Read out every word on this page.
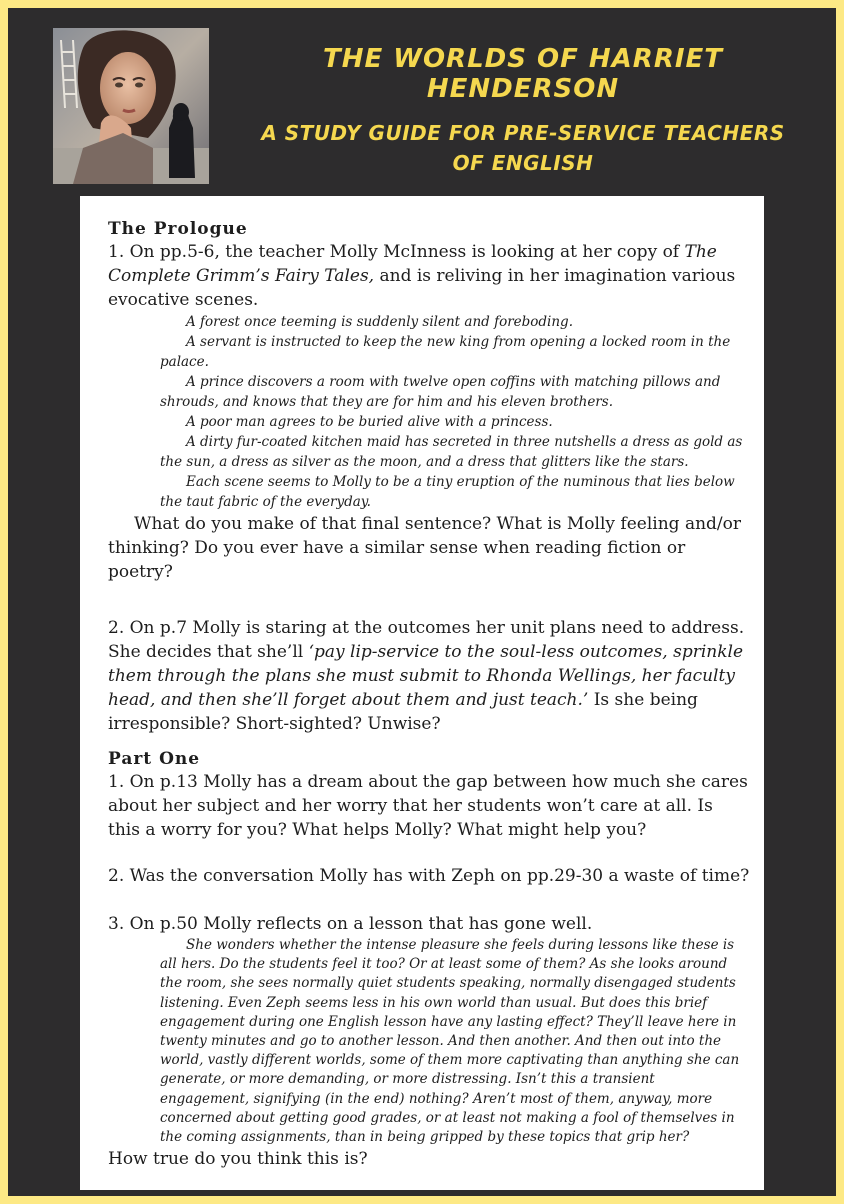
THE WORLDS OF HARRIET HENDERSON
A STUDY GUIDE FOR PRE-SERVICE TEACHERS OF ENGLISH

The Prologue

1. On pp.5-6, the teacher Molly McInness is looking at her copy of The Complete Grimm’s Fairy Tales, and is reliving in her imagination various evocative scenes.

A forest once teeming is suddenly silent and foreboding.
A servant is instructed to keep the new king from opening a locked room in the palace.
A prince discovers a room with twelve open coffins with matching pillows and shrouds, and knows that they are for him and his eleven brothers.
A poor man agrees to be buried alive with a princess.
A dirty fur-coated kitchen maid has secreted in three nutshells a dress as gold as the sun, a dress as silver as the moon, and a dress that glitters like the stars.
Each scene seems to Molly to be a tiny eruption of the numinous that lies below the taut fabric of the everyday.

What do you make of that final sentence? What is Molly feeling and/or thinking? Do you ever have a similar sense when reading fiction or poetry?

2. On p.7 Molly is staring at the outcomes her unit plans need to address. She decides that she’ll ‘pay lip-service to the soul-less outcomes, sprinkle them through the plans she must submit to Rhonda Wellings, her faculty head, and then she’ll forget about them and just teach.’ Is she being irresponsible? Short-sighted? Unwise?

Part One

1. On p.13 Molly has a dream about the gap between how much she cares about her subject and her worry that her students won’t care at all. Is this a worry for you? What helps Molly? What might help you?

2. Was the conversation Molly has with Zeph on pp.29-30 a waste of time?

3. On p.50 Molly reflects on a lesson that has gone well.

She wonders whether the intense pleasure she feels during lessons like these is all hers. Do the students feel it too? Or at least some of them? As she looks around the room, she sees normally quiet students speaking, normally disengaged students listening. Even Zeph seems less in his own world than usual. But does this brief engagement during one English lesson have any lasting effect? They’ll leave here in twenty minutes and go to another lesson. And then another. And then out into the world, vastly different worlds, some of them more captivating than anything she can generate, or more demanding, or more distressing. Isn’t this a transient engagement, signifying (in the end) nothing? Aren’t most of them, anyway, more concerned about getting good grades, or at least not making a fool of themselves in the coming assignments, than in being gripped by these topics that grip her?

How true do you think this is?
